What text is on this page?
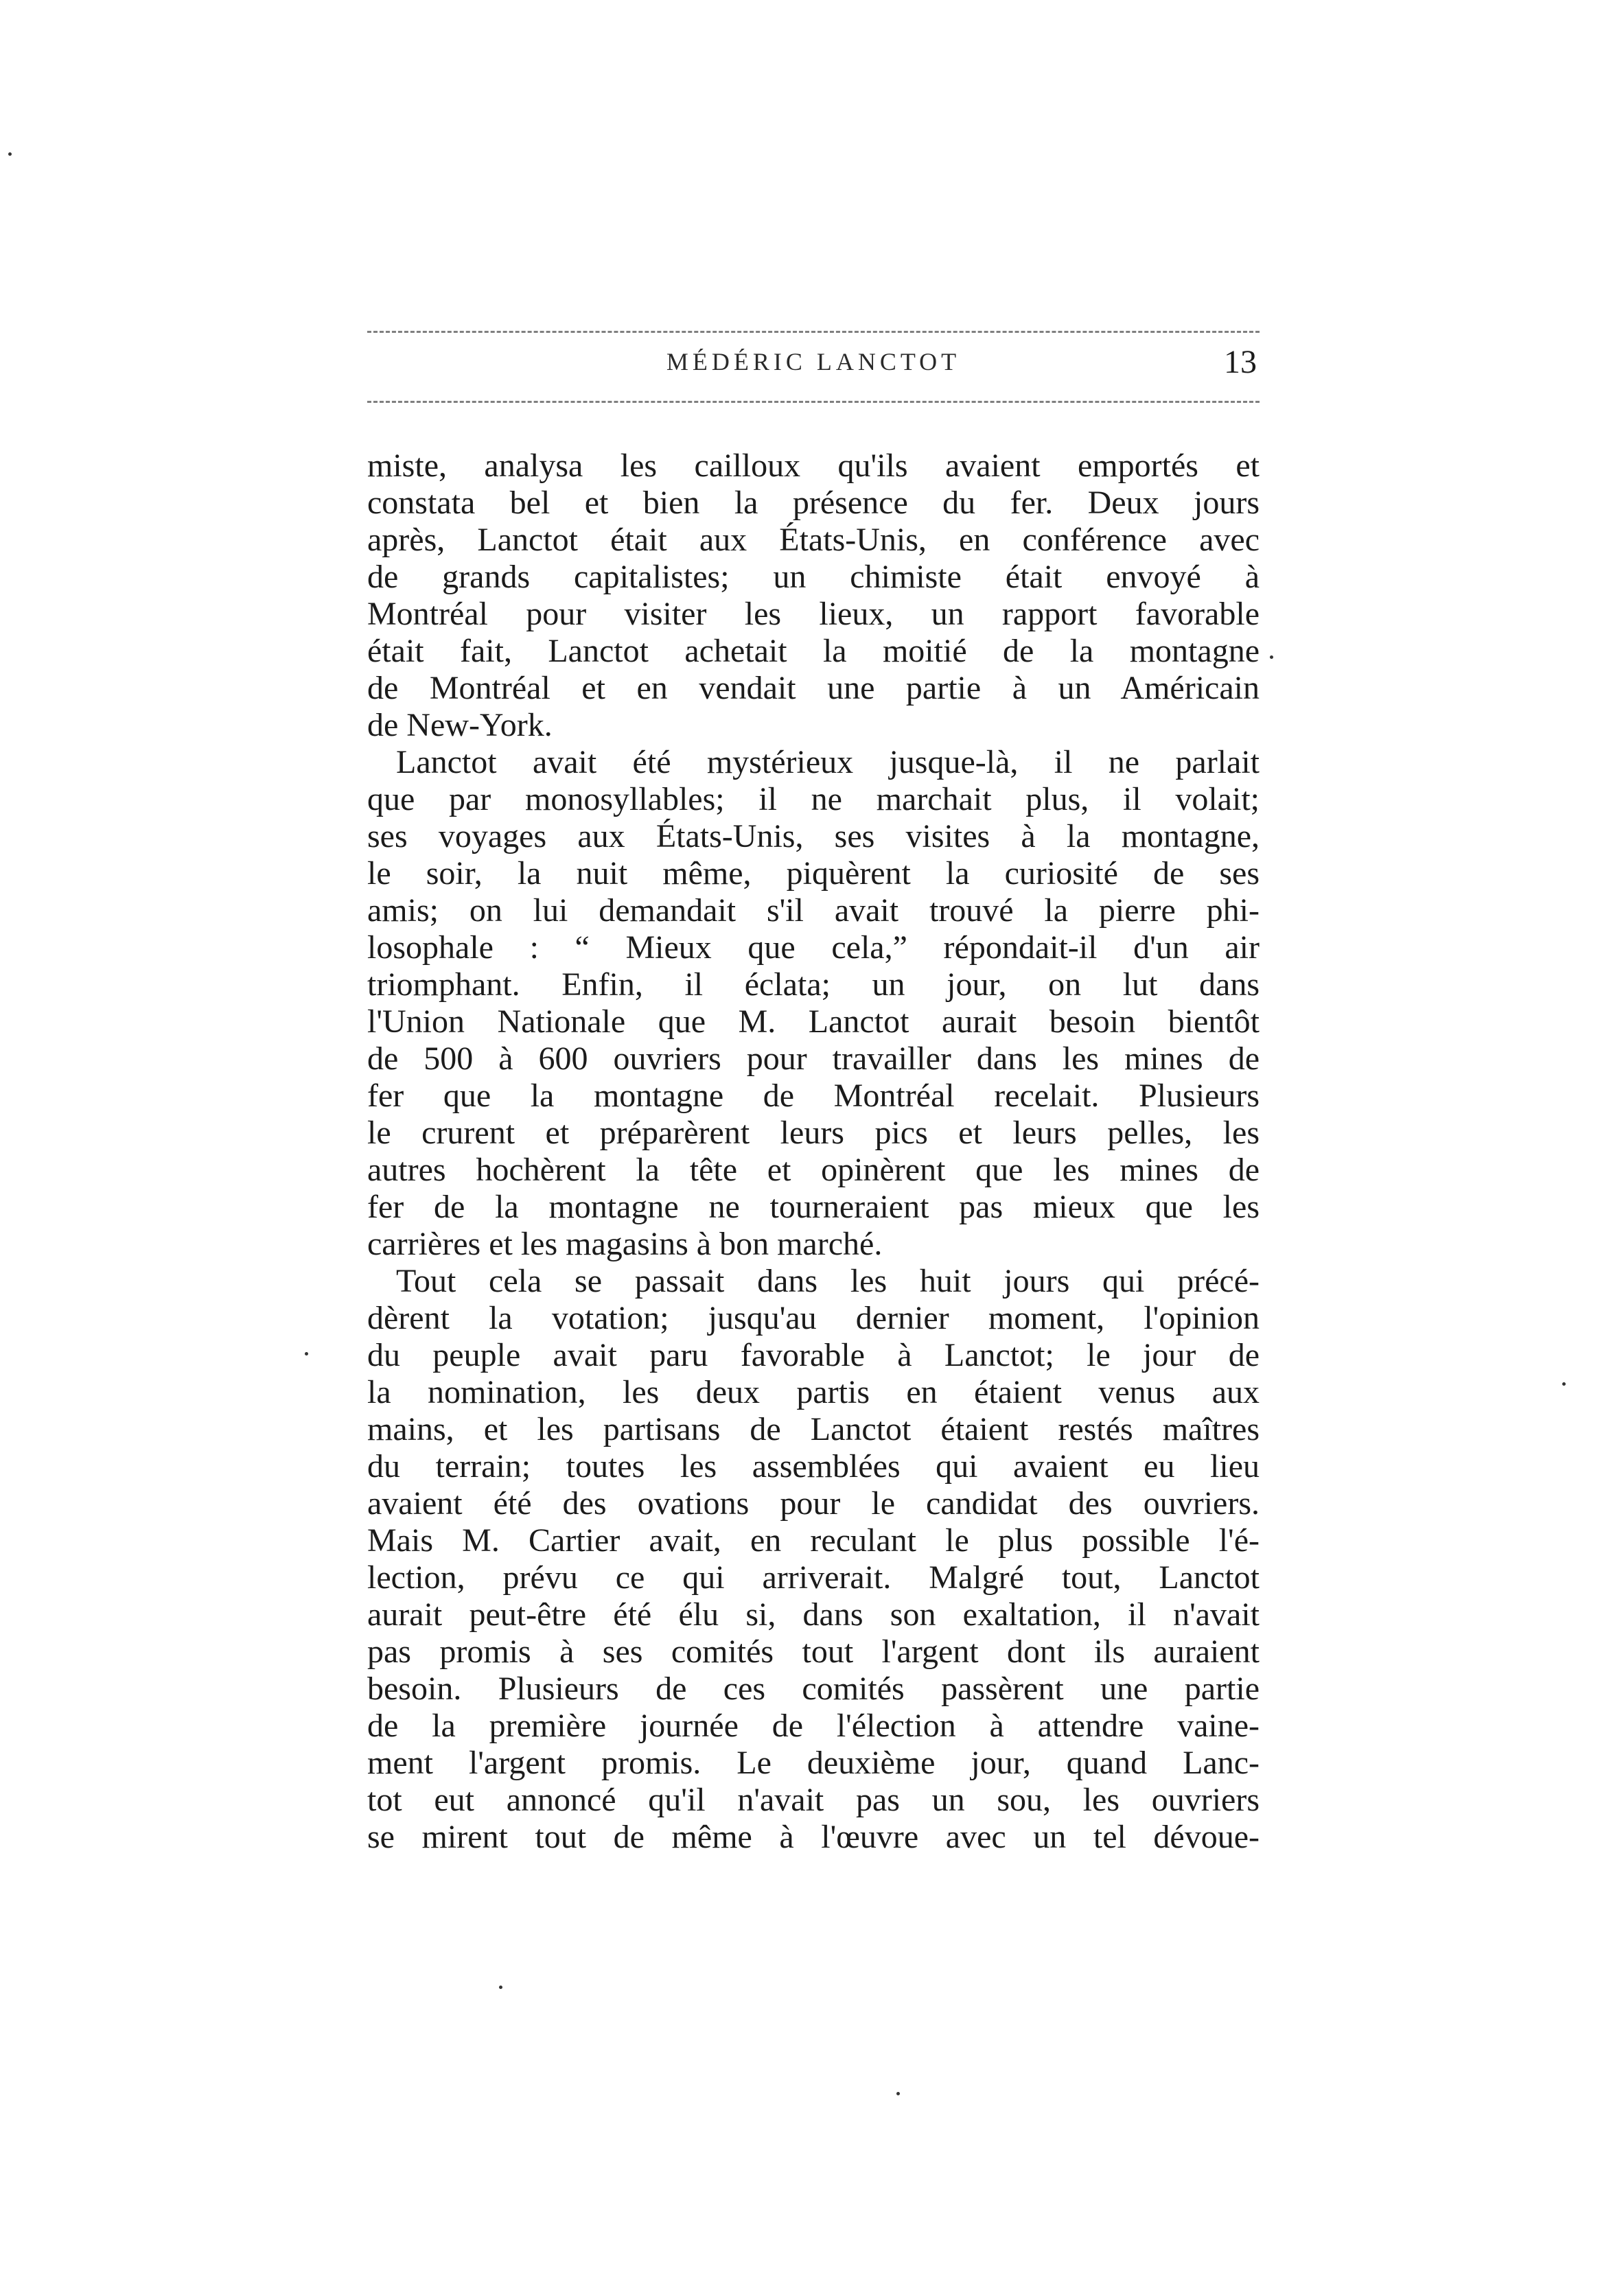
MÉDÉRIC LANCTOT	13

miste, analysa les cailloux qu'ils avaient emportés et
constata bel et bien la présence du fer. Deux jours
après, Lanctot était aux États-Unis, en conférence avec
de grands capitalistes; un chimiste était envoyé à
Montréal pour visiter les lieux, un rapport favorable
était fait, Lanctot achetait la moitié de la montagne
de Montréal et en vendait une partie à un Américain
de New-York.

Lanctot avait été mystérieux jusque-là, il ne parlait
que par monosyllables; il ne marchait plus, il volait;
ses voyages aux États-Unis, ses visites à la montagne,
le soir, la nuit même, piquèrent la curiosité de ses
amis; on lui demandait s'il avait trouvé la pierre phi-
losophale : “ Mieux que cela,” répondait-il d'un air
triomphant. Enfin, il éclata; un jour, on lut dans
l'Union Nationale que M. Lanctot aurait besoin bientôt
de 500 à 600 ouvriers pour travailler dans les mines de
fer que la montagne de Montréal recelait. Plusieurs
le crurent et préparèrent leurs pics et leurs pelles, les
autres hochèrent la tête et opinèrent que les mines de
fer de la montagne ne tourneraient pas mieux que les
carrières et les magasins à bon marché.

Tout cela se passait dans les huit jours qui précé-
dèrent la votation; jusqu'au dernier moment, l'opinion
du peuple avait paru favorable à Lanctot; le jour de
la nomination, les deux partis en étaient venus aux
mains, et les partisans de Lanctot étaient restés maîtres
du terrain; toutes les assemblées qui avaient eu lieu
avaient été des ovations pour le candidat des ouvriers.
Mais M. Cartier avait, en reculant le plus possible l'é-
lection, prévu ce qui arriverait. Malgré tout, Lanctot
aurait peut-être été élu si, dans son exaltation, il n'avait
pas promis à ses comités tout l'argent dont ils auraient
besoin. Plusieurs de ces comités passèrent une partie
de la première journée de l'élection à attendre vaine-
ment l'argent promis. Le deuxième jour, quand Lanc-
tot eut annoncé qu'il n'avait pas un sou, les ouvriers
se mirent tout de même à l'œuvre avec un tel dévoue-
